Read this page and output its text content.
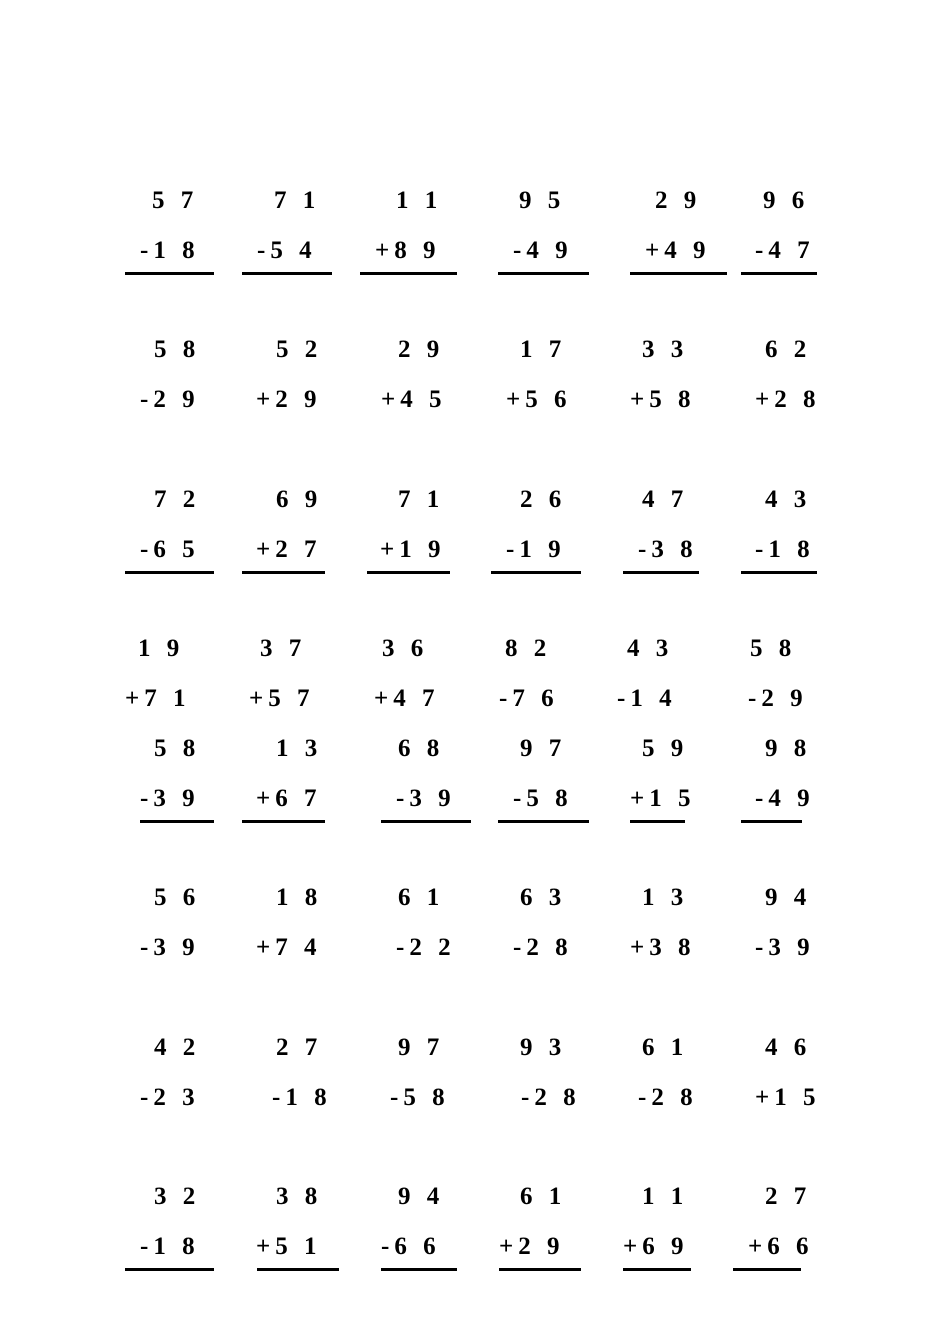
5 7
-1 8
7 1
-5 4
1 1
+8 9
9 5
-4 9
2 9
+4 9
9 6
-4 7
5 8
-2 9
5 2
+2 9
2 9
+4 5
1 7
+5 6
3 3
+5 8
6 2
+2 8
7 2
-6 5
6 9
+2 7
7 1
+1 9
2 6
-1 9
4 7
-3 8
4 3
-1 8
1 9
+7 1
3 7
+5 7
3 6
+4 7
8 2
-7 6
4 3
-1 4
5 8
-2 9
5 8
-3 9
1 3
+6 7
6 8
-3 9
9 7
-5 8
5 9
+1 5
9 8
-4 9
5 6
-3 9
1 8
+7 4
6 1
-2 2
6 3
-2 8
1 3
+3 8
9 4
-3 9
4 2
-2 3
2 7
-1 8
9 7
-5 8
9 3
-2 8
6 1
-2 8
4 6
+1 5
3 2
-1 8
3 8
+5 1
9 4
-6 6
6 1
+2 9
1 1
+6 9
2 7
+6 6
